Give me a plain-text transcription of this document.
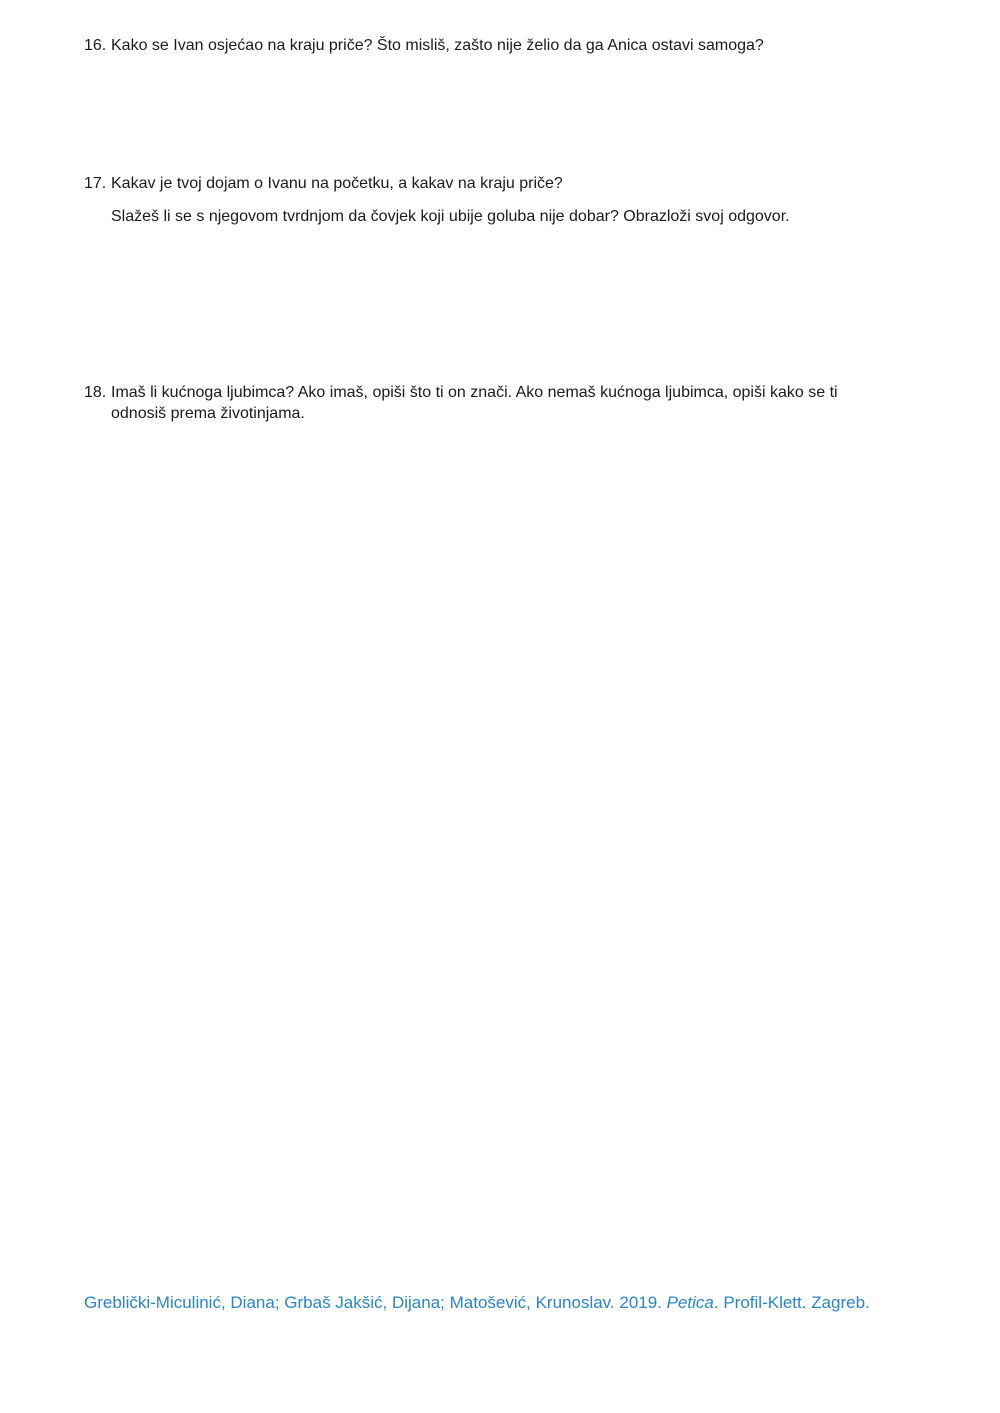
16. Kako se Ivan osjećao na kraju priče? Što misliš, zašto nije želio da ga Anica ostavi samoga?
17. Kakav je tvoj dojam o Ivanu na početku, a kakav na kraju priče?
Slažeš li se s njegovom tvrdnjom da čovjek koji ubije goluba nije dobar? Obrazloži svoj odgovor.
18. Imaš li kućnoga ljubimca? Ako imaš, opiši što ti on znači. Ako nemaš kućnoga ljubimca, opiši kako se ti odnosiš prema životinjama.
Greblički-Miculinić, Diana; Grbaš Jakšić, Dijana; Matošević, Krunoslav. 2019. Petica. Profil-Klett. Zagreb.
